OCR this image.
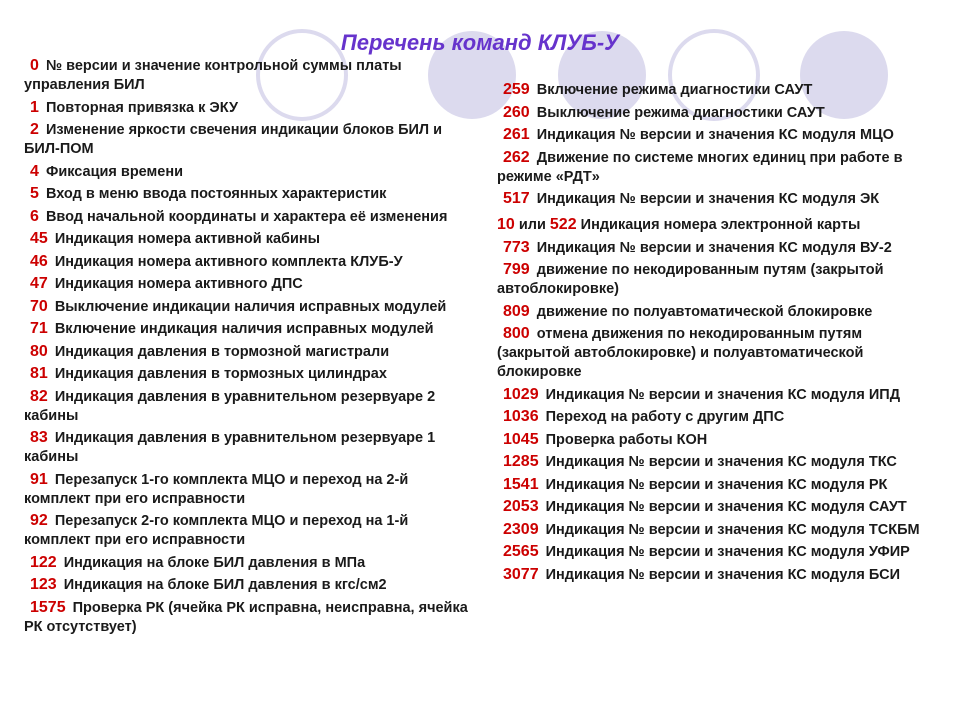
Перечень команд КЛУБ-У
0 № версии и значение контрольной суммы платы управления БИЛ
1 Повторная привязка к ЭКУ
2 Изменение яркости свечения индикации блоков БИЛ и БИЛ-ПОМ
4 Фиксация времени
5 Вход в меню ввода постоянных характеристик
6 Ввод начальной координаты и характера её изменения
45 Индикация номера активной кабины
46 Индикация номера активного комплекта КЛУБ-У
47 Индикация номера активного ДПС
70 Выключение индикации наличия исправных модулей
71 Включение индикация наличия исправных модулей
80 Индикация давления в тормозной магистрали
81 Индикация давления в тормозных цилиндрах
82 Индикация давления в уравнительном резервуаре 2 кабины
83 Индикация давления в уравнительном резервуаре 1 кабины
91 Перезапуск 1-го комплекта МЦО и переход на 2-й комплект при его исправности
92 Перезапуск 2-го комплекта МЦО и переход на 1-й комплект при его исправности
122 Индикация на блоке БИЛ давления в МПа
123 Индикация на блоке БИЛ давления в кгс/см2
1575 Проверка РК (ячейка РК исправна, неисправна, ячейка РК отсутствует)
259 Включение режима диагностики САУТ
260 Выключение режима диагностики САУТ
261 Индикация № версии и значения КС модуля МЦО
262 Движение по системе многих единиц при работе в режиме «РДТ»
517 Индикация № версии и значения КС модуля ЭК
10 или 522 Индикация номера электронной карты
773 Индикация № версии и значения КС модуля ВУ-2
799 движение по некодированным путям (закрытой автоблокировке)
809 движение по полуавтоматической блокировке
800 отмена движения по некодированным путям (закрытой автоблокировке) и полуавтоматической блокировке
1029 Индикация № версии и значения КС модуля ИПД
1036 Переход на работу с другим ДПС
1045 Проверка работы КОН
1285 Индикация № версии и значения КС модуля ТКС
1541 Индикация № версии и значения КС модуля РК
2053 Индикация № версии и значения КС модуля САУТ
2309 Индикация № версии и значения КС модуля ТСКБМ
2565 Индикация № версии и значения КС модуля УФИР
3077 Индикация № версии и значения КС модуля БСИ
